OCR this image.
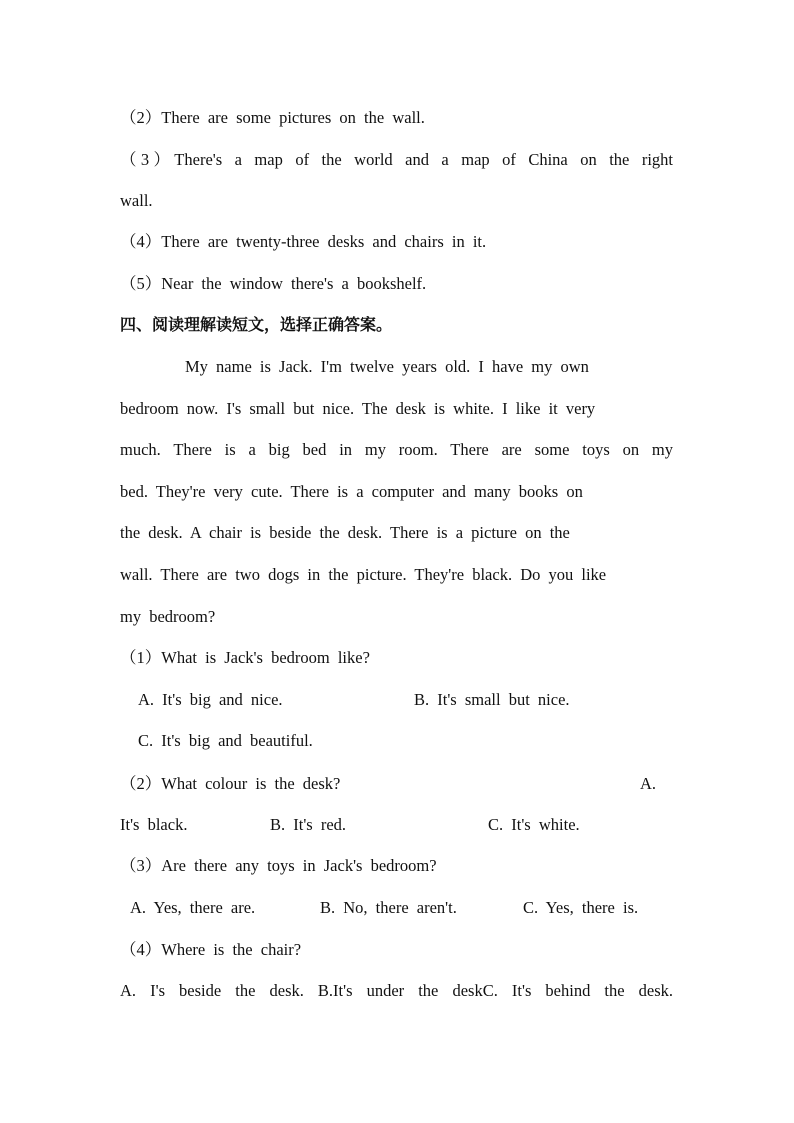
（2）There are some pictures on the wall.
（3）There's a map of the world and a map of China on the right
wall.
（4）There are twenty-three desks and chairs in it.
（5）Near the window there's a bookshelf.
四、阅读理解读短文，选择正确答案。
My name is Jack. I'm twelve years old. I have my own
bedroom now. I's small but nice. The desk is white. I like it very
much. There is a big bed in my room. There are some toys on my
bed. They're very cute. There is a computer and many books on
the desk. A chair is beside the desk. There is a picture on the
wall. There are two dogs in the picture. They're black. Do you like
my bedroom?
（1）What is Jack's bedroom like?
A. It's big and nice.	B. It's small but nice.
C. It's big and beautiful.
（2）What colour is the desk?	A.
It's black.	B. It's red.	C. It's white.
（3）Are there any toys in Jack's bedroom?
A. Yes, there are.	B. No, there aren't.	C. Yes, there is.
（4）Where is the chair?
A. I's beside the desk. B.It's under the deskC. It's behind the desk.
